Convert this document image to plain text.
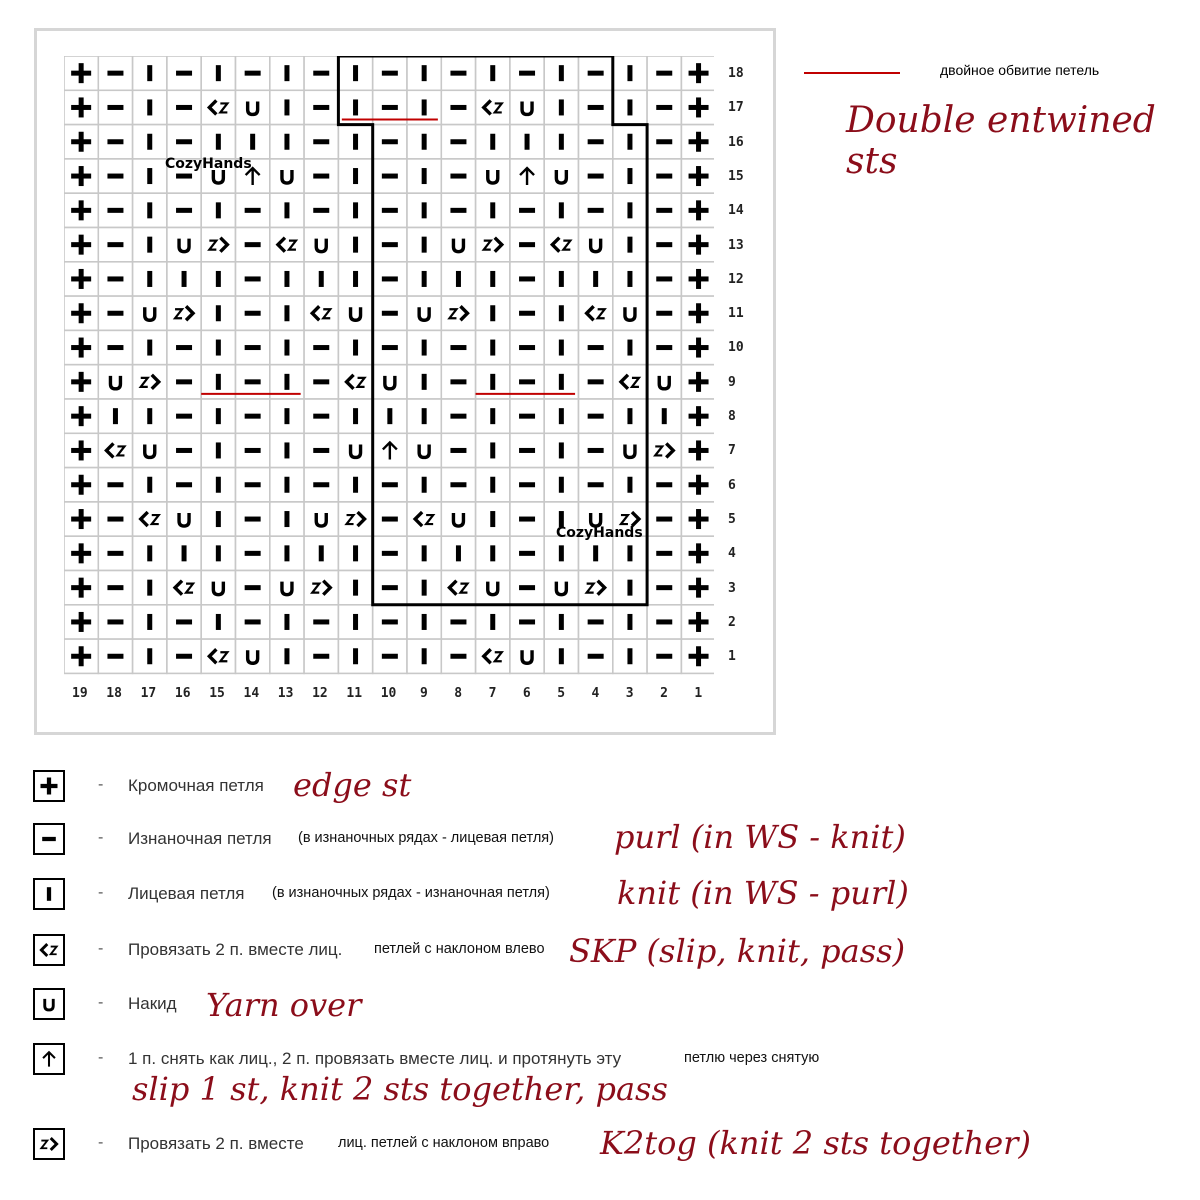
CozyHands
CozyHands
18
17
16
15
14
13
12
11
10
9
8
7
6
5
4
3
2
1
19 18 17 16 15 14 13 12 11 10 9 8 7 6 5 4 3 2 1
двойное обвитие петель
Double entwined sts
- Кромочная петля edge st
- Изнаночная петля (в изнаночных рядах - лицевая петля) purl (in WS - knit)
- Лицевая петля (в изнаночных рядах - изнаночная петля) knit (in WS - purl)
- Провязать 2 п. вместе лиц. петлей с наклоном влево SKP (slip, knit, pass)
- Накид Yarn over
- 1 п. снять как лиц., 2 п. провязать вместе лиц. и протянуть эту	петлю через снятую
slip 1 st, knit 2 sts together, pass
- Провязать 2 п. вместе лиц. петлей с наклоном вправо K2tog (knit 2 sts together)
